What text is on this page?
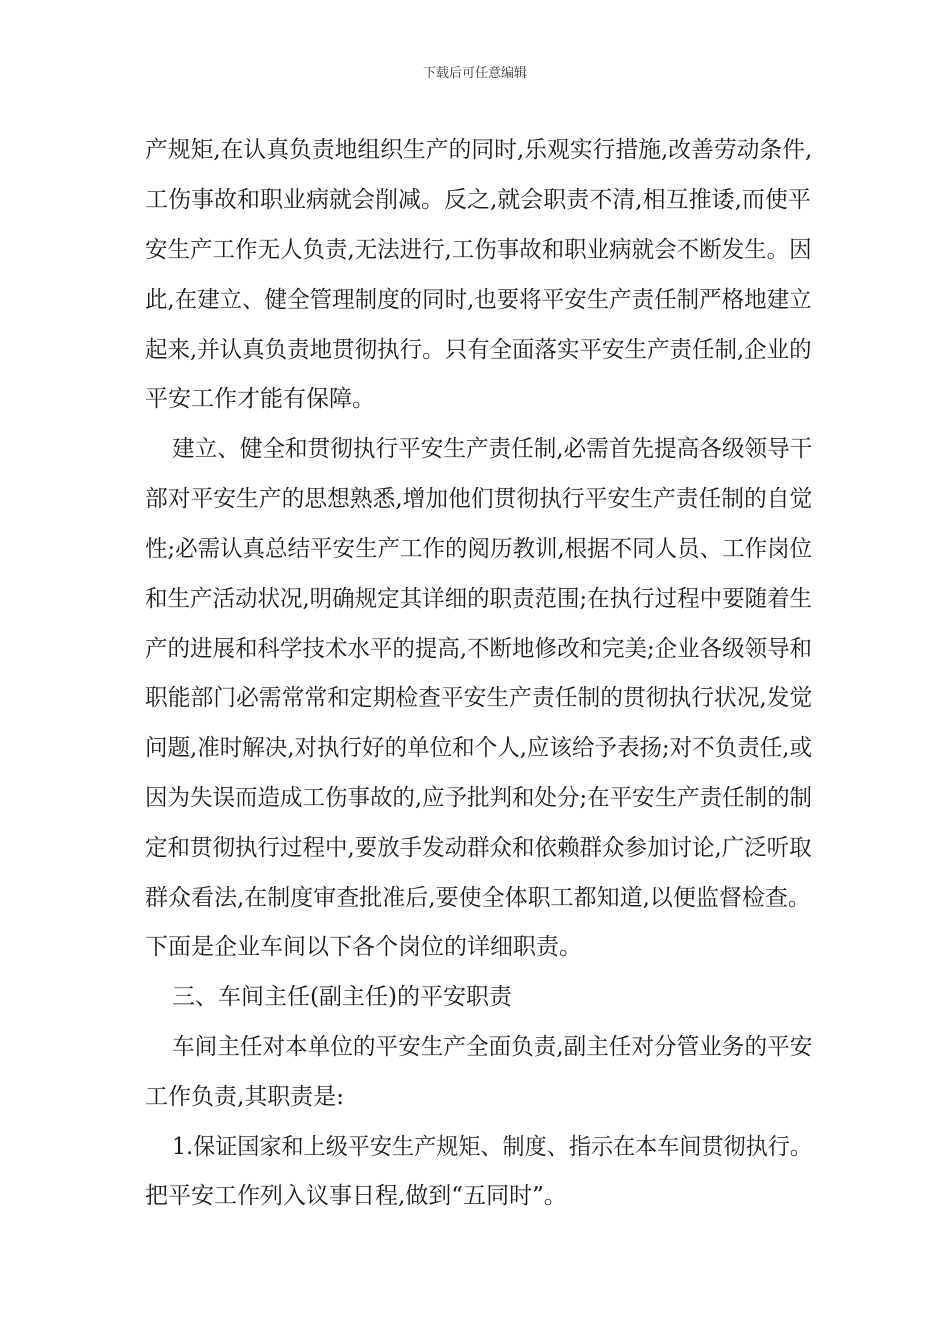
下载后可任意编辑
产规矩,在认真负责地组织生产的同时,乐观实行措施,改善劳动条件,
工伤事故和职业病就会削减。反之,就会职责不清,相互推诿,而使平
安生产工作无人负责,无法进行,工伤事故和职业病就会不断发生。因
此,在建立、健全管理制度的同时,也要将平安生产责任制严格地建立
起来,并认真负责地贯彻执行。只有全面落实平安生产责任制,企业的
平安工作才能有保障。
建立、健全和贯彻执行平安生产责任制,必需首先提高各级领导干
部对平安生产的思想熟悉,增加他们贯彻执行平安生产责任制的自觉
性;必需认真总结平安生产工作的阅历教训,根据不同人员、工作岗位
和生产活动状况,明确规定其详细的职责范围;在执行过程中要随着生
产的进展和科学技术水平的提高,不断地修改和完美;企业各级领导和
职能部门必需常常和定期检查平安生产责任制的贯彻执行状况,发觉
问题,准时解决,对执行好的单位和个人,应该给予表扬;对不负责任,或
因为失误而造成工伤事故的,应予批判和处分;在平安生产责任制的制
定和贯彻执行过程中,要放手发动群众和依赖群众参加讨论,广泛听取
群众看法,在制度审查批准后,要使全体职工都知道,以便监督检查。
下面是企业车间以下各个岗位的详细职责。
三、车间主任(副主任)的平安职责
车间主任对本单位的平安生产全面负责,副主任对分管业务的平安
工作负责,其职责是:
1.保证国家和上级平安生产规矩、制度、指示在本车间贯彻执行。
把平安工作列入议事日程,做到“五同时”。
